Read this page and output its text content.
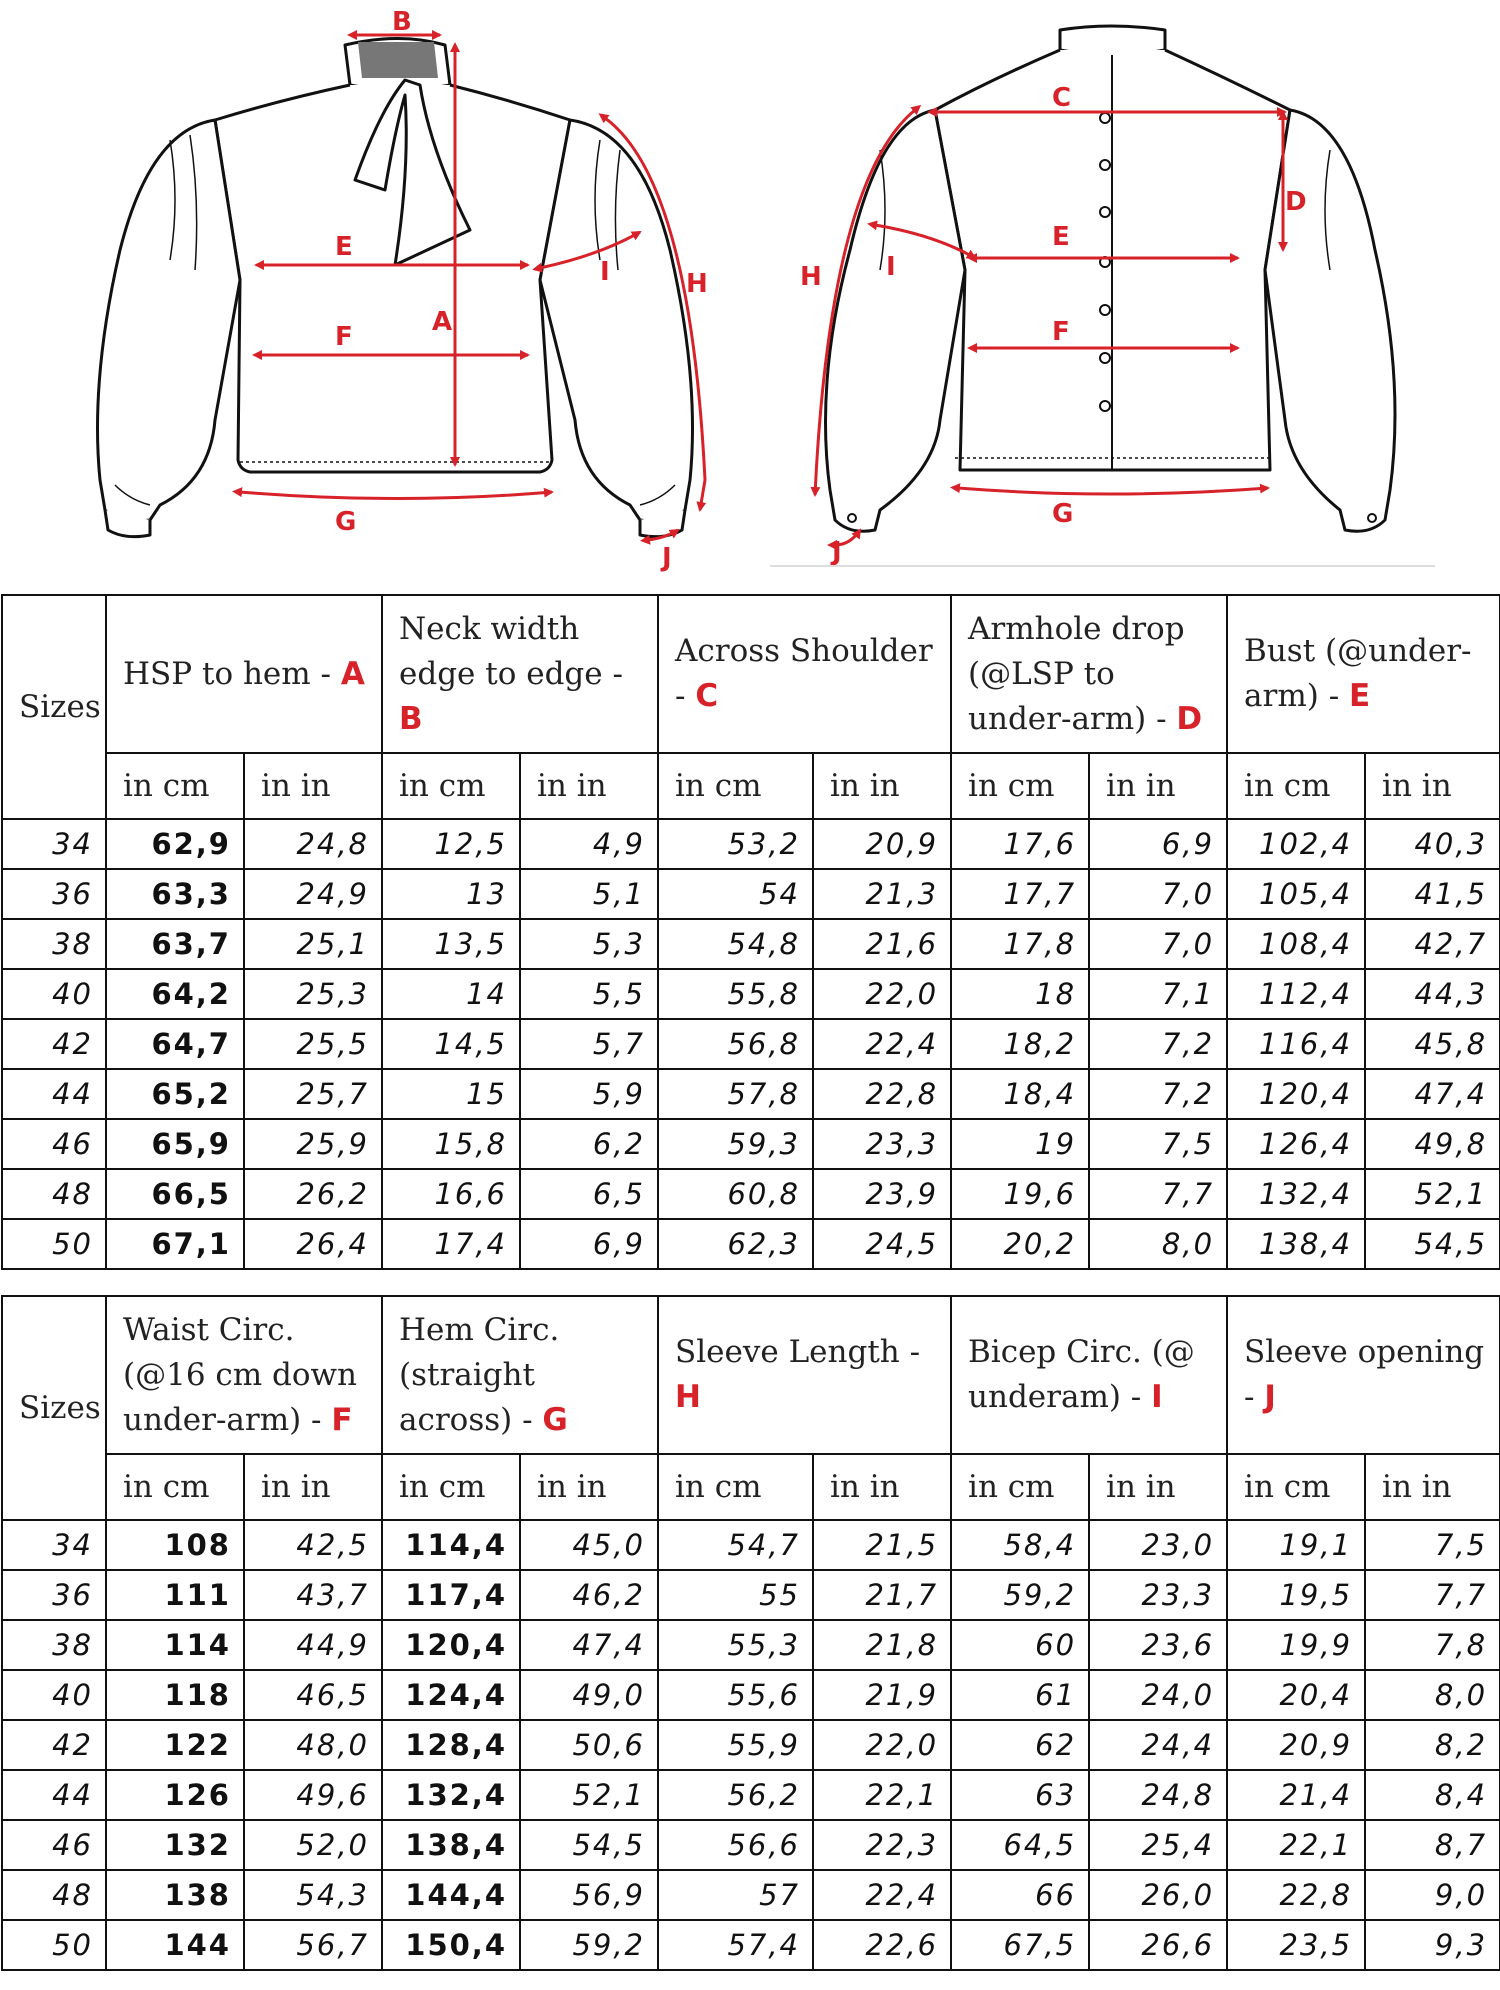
B
A
E
F
G
I	H
J
C
D
E
F
G
I
H
J
Sizes	HSP to hem - A		Neck width edge to edge - B		Across Shoulder - C		Armhole drop (@LSP to under-arm) - D		Bust (@under-arm) - E	
	in cm	in in	in cm	in in	in cm	in in	in cm	in in	in cm	in in
34	62,9	24,8	12,5	4,9	53,2	20,9	17,6	6,9	102,4	40,3
36	63,3	24,9	13	5,1	54	21,3	17,7	7,0	105,4	41,5
38	63,7	25,1	13,5	5,3	54,8	21,6	17,8	7,0	108,4	42,7
40	64,2	25,3	14	5,5	55,8	22,0	18	7,1	112,4	44,3
42	64,7	25,5	14,5	5,7	56,8	22,4	18,2	7,2	116,4	45,8
44	65,2	25,7	15	5,9	57,8	22,8	18,4	7,2	120,4	47,4
46	65,9	25,9	15,8	6,2	59,3	23,3	19	7,5	126,4	49,8
48	66,5	26,2	16,6	6,5	60,8	23,9	19,6	7,7	132,4	52,1
50	67,1	26,4	17,4	6,9	62,3	24,5	20,2	8,0	138,4	54,5
Sizes	Waist Circ. (@16 cm down under-arm) - F		Hem Circ. (straight across) - G		Sleeve Length - H		Bicep Circ. (@ underam) - I		Sleeve opening - J	
	in cm	in in	in cm	in in	in cm	in in	in cm	in in	in cm	in in
34	108	42,5	114,4	45,0	54,7	21,5	58,4	23,0	19,1	7,5
36	111	43,7	117,4	46,2	55	21,7	59,2	23,3	19,5	7,7
38	114	44,9	120,4	47,4	55,3	21,8	60	23,6	19,9	7,8
40	118	46,5	124,4	49,0	55,6	21,9	61	24,0	20,4	8,0
42	122	48,0	128,4	50,6	55,9	22,0	62	24,4	20,9	8,2
44	126	49,6	132,4	52,1	56,2	22,1	63	24,8	21,4	8,4
46	132	52,0	138,4	54,5	56,6	22,3	64,5	25,4	22,1	8,7
48	138	54,3	144,4	56,9	57	22,4	66	26,0	22,8	9,0
50	144	56,7	150,4	59,2	57,4	22,6	67,5	26,6	23,5	9,3
